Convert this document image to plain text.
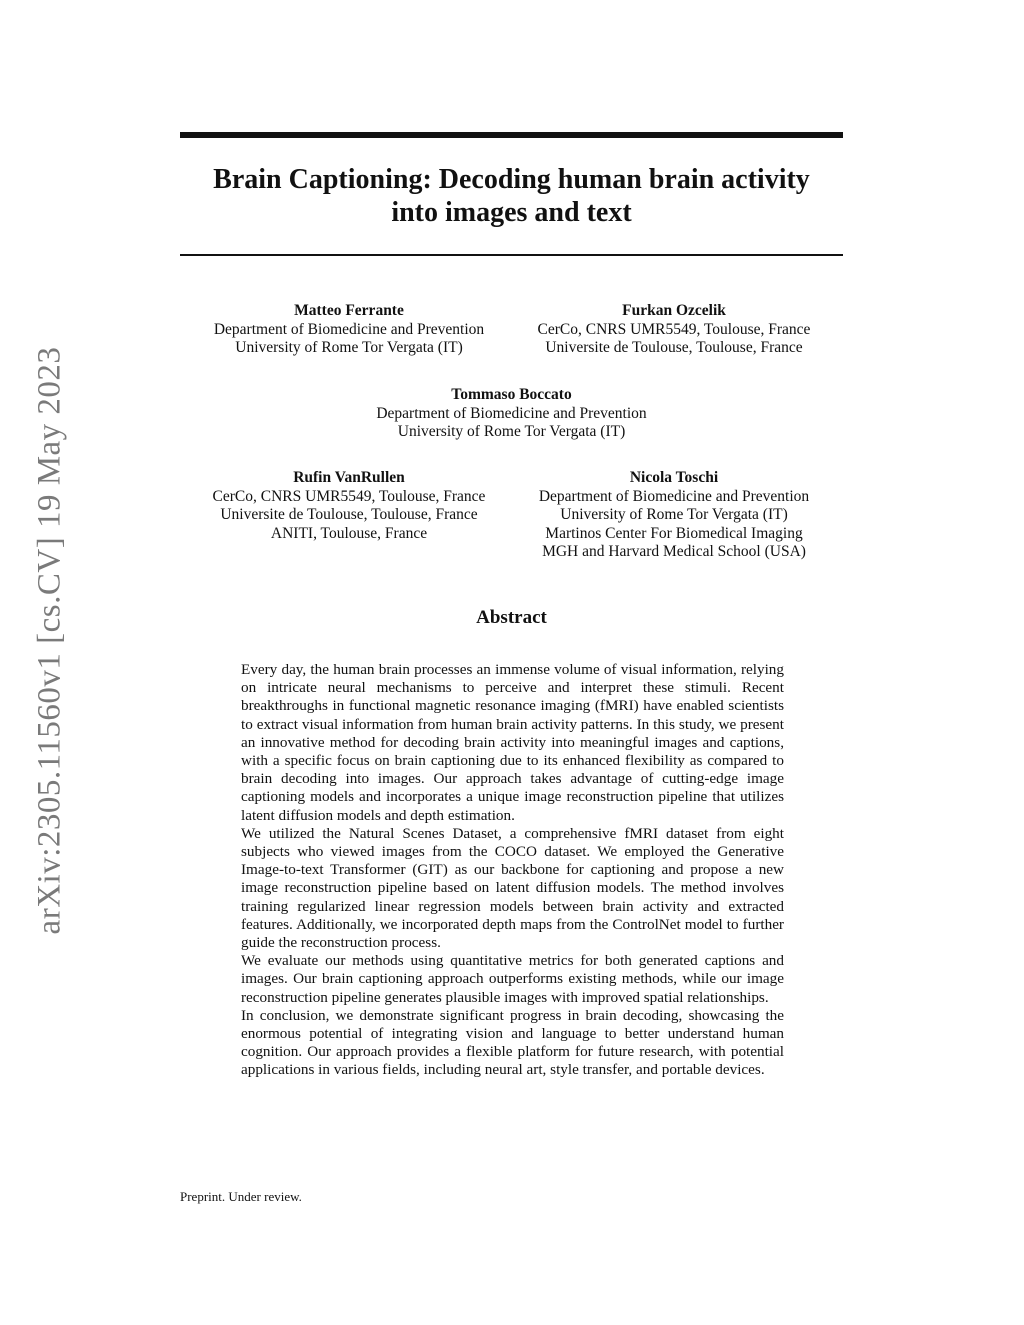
arXiv:2305.11560v1 [cs.CV] 19 May 2023
Brain Captioning: Decoding human brain activity
into images and text
Matteo Ferrante
Department of Biomedicine and Prevention
University of Rome Tor Vergata (IT)
Furkan Ozcelik
CerCo, CNRS UMR5549, Toulouse, France
Universite de Toulouse, Toulouse, France
Tommaso Boccato
Department of Biomedicine and Prevention
University of Rome Tor Vergata (IT)
Rufin VanRullen
CerCo, CNRS UMR5549, Toulouse, France
Universite de Toulouse, Toulouse, France
ANITI, Toulouse, France
Nicola Toschi
Department of Biomedicine and Prevention
University of Rome Tor Vergata (IT)
Martinos Center For Biomedical Imaging
MGH and Harvard Medical School (USA)
Abstract

Every day, the human brain processes an immense volume of visual information, relying on intricate neural mechanisms to perceive and interpret these stimuli. Recent breakthroughs in functional magnetic resonance imaging (fMRI) have enabled scientists to extract visual information from human brain activity patterns. In this study, we present an innovative method for decoding brain activity into meaningful images and captions, with a specific focus on brain captioning due to its enhanced flexibility as compared to brain decoding into images. Our approach takes advantage of cutting-edge image captioning models and incorporates a unique image reconstruction pipeline that utilizes latent diffusion models and depth estimation.

We utilized the Natural Scenes Dataset, a comprehensive fMRI dataset from eight subjects who viewed images from the COCO dataset. We employed the Generative Image-to-text Transformer (GIT) as our backbone for captioning and propose a new image reconstruction pipeline based on latent diffusion models. The method involves training regularized linear regression models between brain activity and extracted features. Additionally, we incorporated depth maps from the ControlNet model to further guide the reconstruction process.

We evaluate our methods using quantitative metrics for both generated captions and images. Our brain captioning approach outperforms existing methods, while our image reconstruction pipeline generates plausible images with improved spatial relationships.

In conclusion, we demonstrate significant progress in brain decoding, showcasing the enormous potential of integrating vision and language to better understand human cognition. Our approach provides a flexible platform for future research, with potential applications in various fields, including neural art, style transfer, and portable devices.

Preprint. Under review.
